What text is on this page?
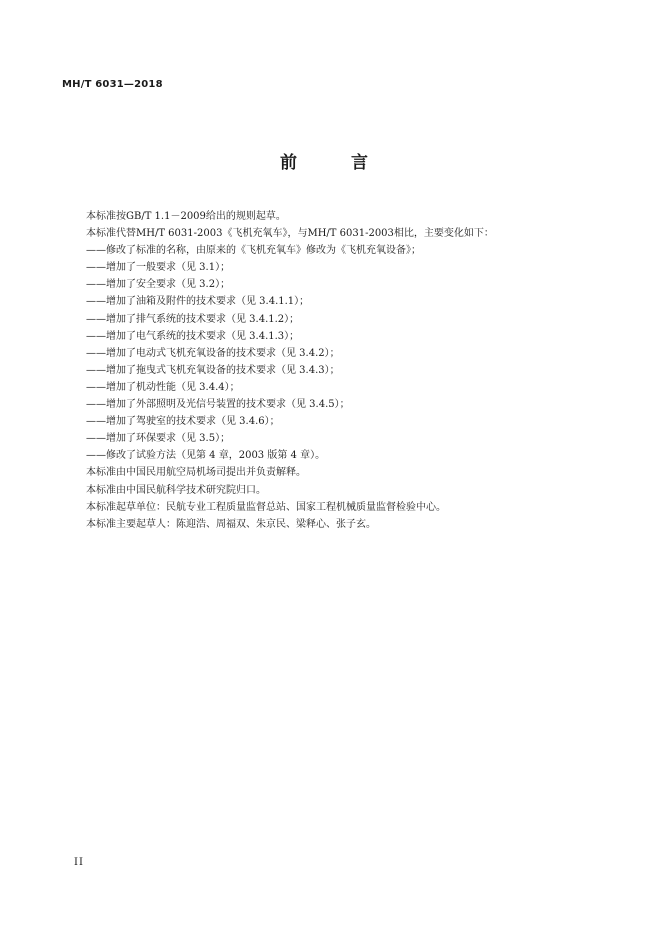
MH/T 6031—2018
前 言
本标准按GB/T 1.1－2009给出的规则起草。
本标准代替MH/T 6031-2003《飞机充氧车》，与MH/T 6031-2003相比，主要变化如下：
——修改了标准的名称，由原来的《飞机充氧车》修改为《飞机充氧设备》；
——增加了一般要求（见 3.1）；
——增加了安全要求（见 3.2）；
——增加了油箱及附件的技术要求（见 3.4.1.1）；
——增加了排气系统的技术要求（见 3.4.1.2）；
——增加了电气系统的技术要求（见 3.4.1.3）；
——增加了电动式飞机充氧设备的技术要求（见 3.4.2）；
——增加了拖曳式飞机充氧设备的技术要求（见 3.4.3）；
——增加了机动性能（见 3.4.4）；
——增加了外部照明及光信号装置的技术要求（见 3.4.5）；
——增加了驾驶室的技术要求（见 3.4.6）；
——增加了环保要求（见 3.5）；
——修改了试验方法（见第 4 章，2003 版第 4 章）。
本标准由中国民用航空局机场司提出并负责解释。
本标准由中国民航科学技术研究院归口。
本标准起草单位：民航专业工程质量监督总站、国家工程机械质量监督检验中心。
本标准主要起草人：陈迎浩、周福双、朱京民、梁释心、张子玄。
II
